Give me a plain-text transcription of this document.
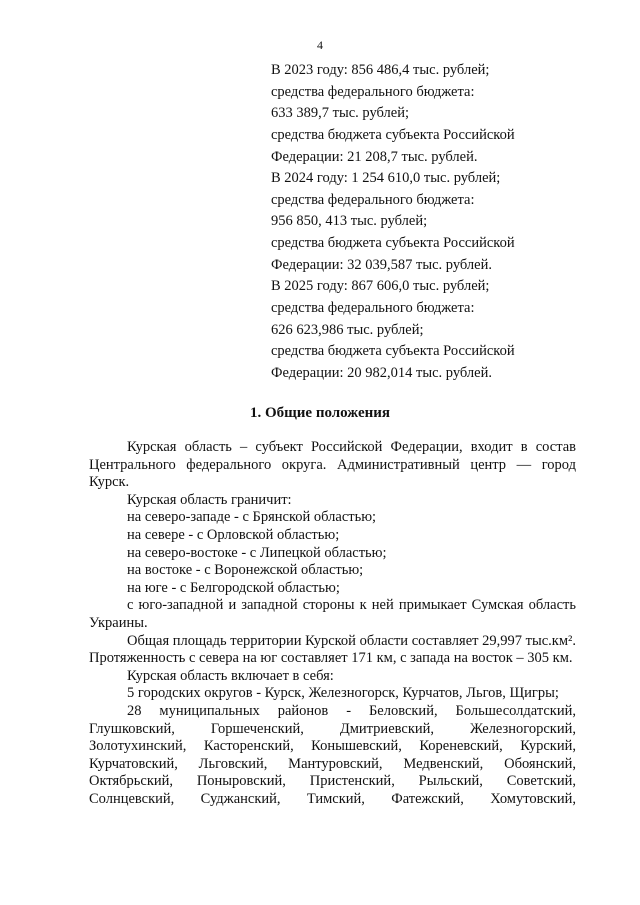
4
В 2023 году: 856 486,4 тыс. рублей;
средства федерального бюджета:
633 389,7 тыс. рублей;
средства бюджета субъекта Российской
Федерации: 21 208,7 тыс. рублей.
В 2024 году: 1 254 610,0 тыс. рублей;
средства федерального бюджета:
956 850, 413 тыс. рублей;
средства бюджета субъекта Российской
Федерации: 32 039,587 тыс. рублей.
В 2025 году: 867 606,0 тыс. рублей;
средства федерального бюджета:
626 623,986 тыс. рублей;
средства бюджета субъекта Российской
Федерации: 20 982,014 тыс. рублей.
1. Общие положения

Курская область – субъект Российской Федерации, входит в состав Центрального федерального округа. Административный центр — город Курск.

Курская область граничит:

на северо-западе - с Брянской областью;

на севере - с Орловской областью;

на северо-востоке - с Липецкой областью;

на востоке - с Воронежской областью;

на юге - с Белгородской областью;

с юго-западной и западной стороны к ней примыкает Сумская область Украины.

Общая площадь территории Курской области составляет 29,997 тыс.км². Протяженность с севера на юг составляет 171 км, с запада на восток – 305 км.

Курская область включает в себя:

5 городских округов - Курск, Железногорск, Курчатов, Льгов, Щигры;

28 муниципальных районов - Беловский, Большесолдатский, Глушковский, Горшеченский, Дмитриевский, Железногорский, Золотухинский, Касторенский, Конышевский, Кореневский, Курский, Курчатовский, Льговский, Мантуровский, Медвенский, Обоянский, Октябрьский, Поныровский, Пристенский, Рыльский, Советский, Солнцевский, Суджанский, Тимский, Фатежский, Хомутовский,
